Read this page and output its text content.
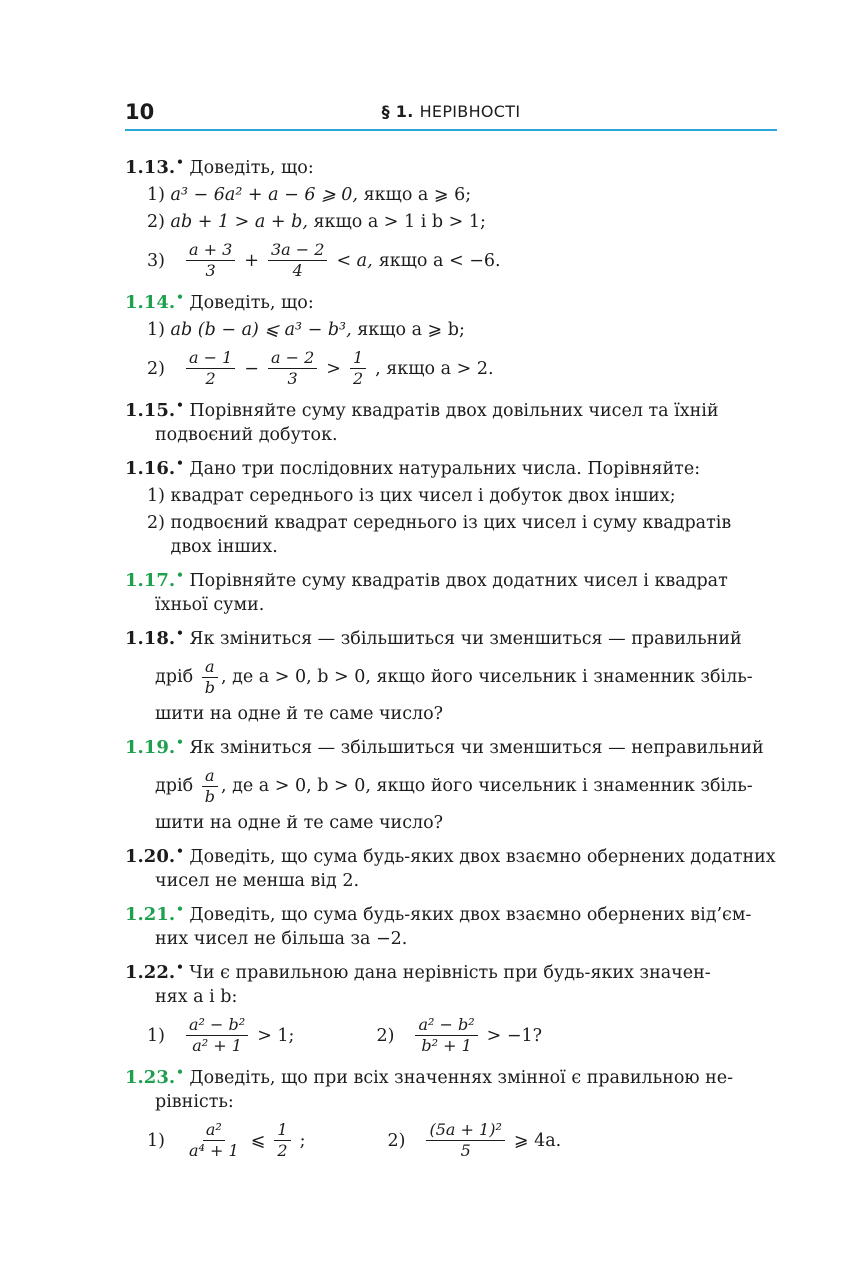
10	§ 1. НЕРІВНОСТІ
1.13.• Доведіть, що:
1) a³ − 6a² + a − 6 ⩾ 0, якщо a ⩾ 6;
2) ab + 1 > a + b, якщо a > 1 і b > 1;
3)	$\frac{a + 3}{3} + \frac{3a - 2}{4} < a$, якщо a < −6.
1.14.• Доведіть, що:
1) ab (b − a) ⩽ a³ − b³, якщо a ⩾ b;
2)	$\frac{a - 1}{2} - \frac{a - 2}{3} > \frac{1}{2}$ , якщо a > 2.
1.15.• Порівняйте суму квадратів двох довільних чисел та їхній
подвоєний добуток.
1.16.• Дано три послідовних натуральних числа. Порівняйте:
1) квадрат середнього із цих чисел і добуток двох інших;
2) подвоєний квадрат середнього із цих чисел і суму квадратів двох інших.
1.17.• Порівняйте суму квадратів двох додатних чисел і квадрат
їхньої суми.
1.18.• Як зміниться — збільшиться чи зменшиться — правильний
дріб $\frac{a}{b}$ , де a > 0, b > 0, якщо його чисельник і знаменник збіль-
шити на одне й те саме число?
1.19.• Як зміниться — збільшиться чи зменшиться — неправильний
дріб $\frac{a}{b}$ , де a > 0, b > 0, якщо його чисельник і знаменник збіль-
шити на одне й те саме число?
1.20.• Доведіть, що сума будь-яких двох взаємно обернених додатних
чисел не менша від 2.
1.21.• Доведіть, що сума будь-яких двох взаємно обернених від’єм-
них чисел не більша за −2.
1.22.• Чи є правильною дана нерівність при будь-яких значен-
нях a і b:
1)	$\frac{\text{a² − b²}}{\text{a² + 1}} > 1$;	2)	$\frac{\text{a² − b²}}{\text{b² + 1}} > -1$?
1.23.• Доведіть, що при всіх значеннях змінної є правильною не-
рівність:
1)	$\frac{\text{a²}}{\text{a⁴ + 1}}$ ⩽ $\frac{1}{2}$ ;	2)	$\frac{\text{(5a + 1)²}}{5}$ ⩾ 4a.
